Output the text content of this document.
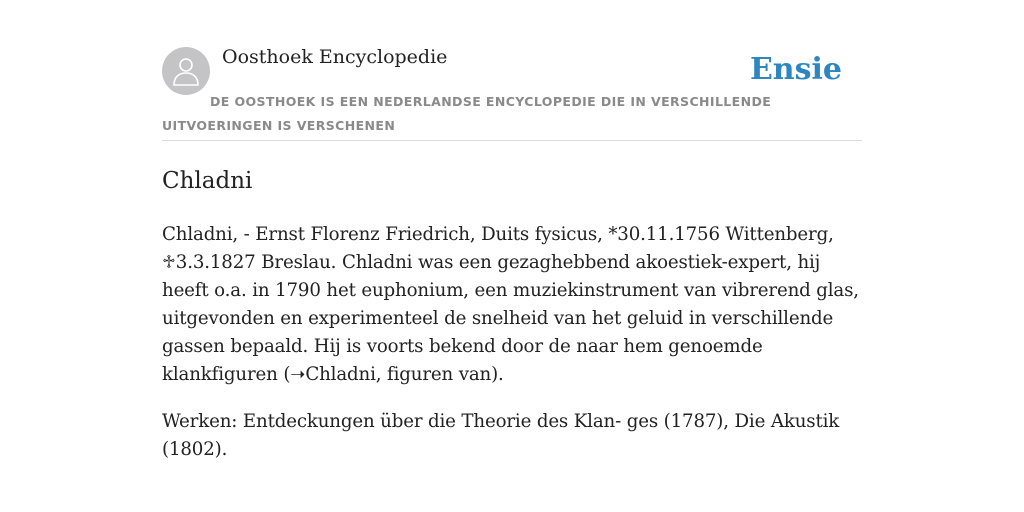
Oosthoek Encyclopedie	Ensie

DE OOSTHOEK IS EEN NEDERLANDSE ENCYCLOPEDIE DIE IN VERSCHILLENDE UITVOERINGEN IS VERSCHENEN

Chladni

Chladni, - Ernst Florenz Friedrich, Duits fysicus, *30.11.1756 Wittenberg, ♱3.3.1827 Breslau. Chladni was een gezaghebbend akoestiek-expert, hij heeft o.a. in 1790 het euphonium, een muziekinstrument van vibrerend glas, uitgevonden en experimenteel de snelheid van het geluid in verschillende gassen bepaald. Hij is voorts bekend door de naar hem genoemde klankfiguren (➝Chladni, figuren van).

Werken: Entdeckungen über die Theorie des Klan- ges (1787), Die Akustik (1802).
